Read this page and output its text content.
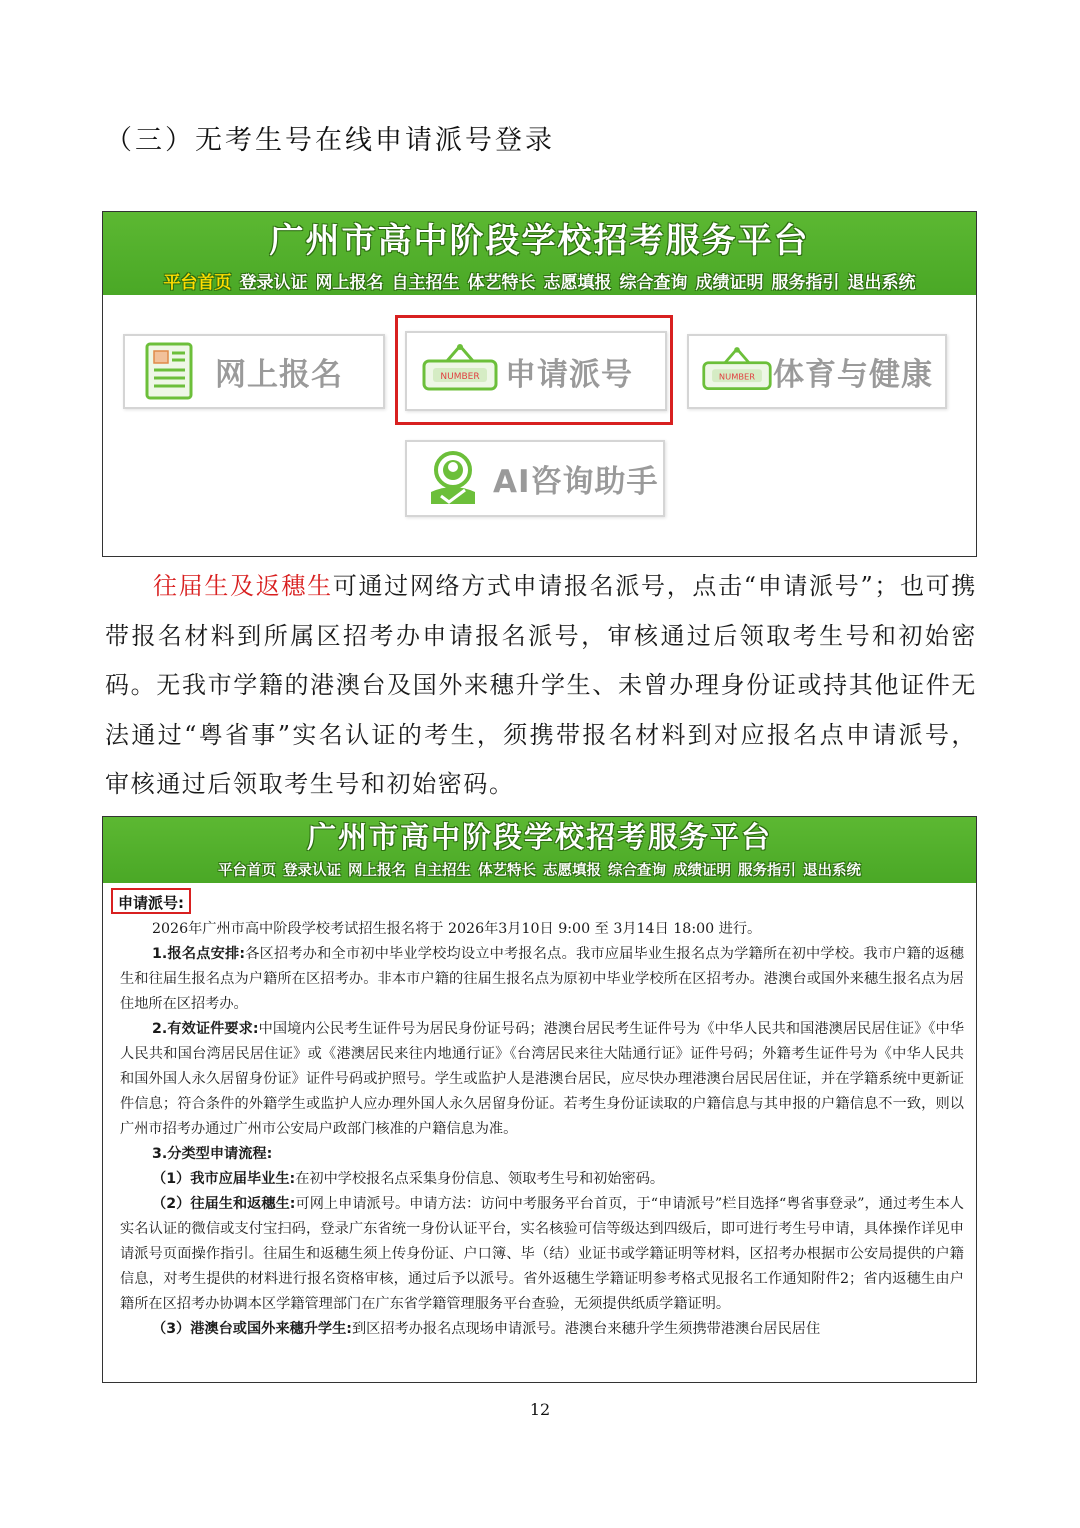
（三）无考生号在线申请派号登录
广州市高中阶段学校招考服务平台
平台首页 登录认证 网上报名 自主招生 体艺特长 志愿填报 综合查询 成绩证明 服务指引 退出系统
网上报名	NUMBER 申请派号	NUMBER 体育与健康
AI咨询助手
往届生及返穗生可通过网络方式申请报名派号，点击“申请派号”；也可携带报名材料到所属区招考办申请报名派号，审核通过后领取考生号和初始密码。无我市学籍的港澳台及国外来穗升学生、未曾办理身份证或持其他证件无法通过“粤省事”实名认证的考生，须携带报名材料到对应报名点申请派号，审核通过后领取考生号和初始密码。
广州市高中阶段学校招考服务平台
平台首页 登录认证 网上报名 自主招生 体艺特长 志愿填报 综合查询 成绩证明 服务指引 退出系统
申请派号:

2026年广州市高中阶段学校考试招生报名将于 2026年3月10日 9:00 至 3月14日 18:00 进行。

1.报名点安排:各区招考办和全市初中毕业学校均设立中考报名点。我市应届毕业生报名点为学籍所在初中学校。我市户籍的返穗生和往届生报名点为户籍所在区招考办。非本市户籍的往届生报名点为原初中毕业学校所在区招考办。港澳台或国外来穗生报名点为居住地所在区招考办。

2.有效证件要求:中国境内公民考生证件号为居民身份证号码；港澳台居民考生证件号为《中华人民共和国港澳居民居住证》《中华人民共和国台湾居民居住证》或《港澳居民来往内地通行证》《台湾居民来往大陆通行证》证件号码；外籍考生证件号为《中华人民共和国外国人永久居留身份证》证件号码或护照号。学生或监护人是港澳台居民，应尽快办理港澳台居民居住证，并在学籍系统中更新证件信息；符合条件的外籍学生或监护人应办理外国人永久居留身份证。若考生身份证读取的户籍信息与其申报的户籍信息不一致，则以广州市招考办通过广州市公安局户政部门核准的户籍信息为准。

3.分类型申请流程:

（1）我市应届毕业生:在初中学校报名点采集身份信息、领取考生号和初始密码。

（2）往届生和返穗生:可网上申请派号。申请方法：访问中考服务平台首页，于“申请派号”栏目选择“粤省事登录”，通过考生本人实名认证的微信或支付宝扫码，登录广东省统一身份认证平台，实名核验可信等级达到四级后，即可进行考生号申请，具体操作详见申请派号页面操作指引。往届生和返穗生须上传身份证、户口簿、毕（结）业证书或学籍证明等材料，区招考办根据市公安局提供的户籍信息，对考生提供的材料进行报名资格审核，通过后予以派号。省外返穗生学籍证明参考格式见报名工作通知附件2；省内返穗生由户籍所在区招考办协调本区学籍管理部门在广东省学籍管理服务平台查验，无须提供纸质学籍证明。

（3）港澳台或国外来穗升学生:到区招考办报名点现场申请派号。港澳台来穗升学生须携带港澳台居民居住

12
